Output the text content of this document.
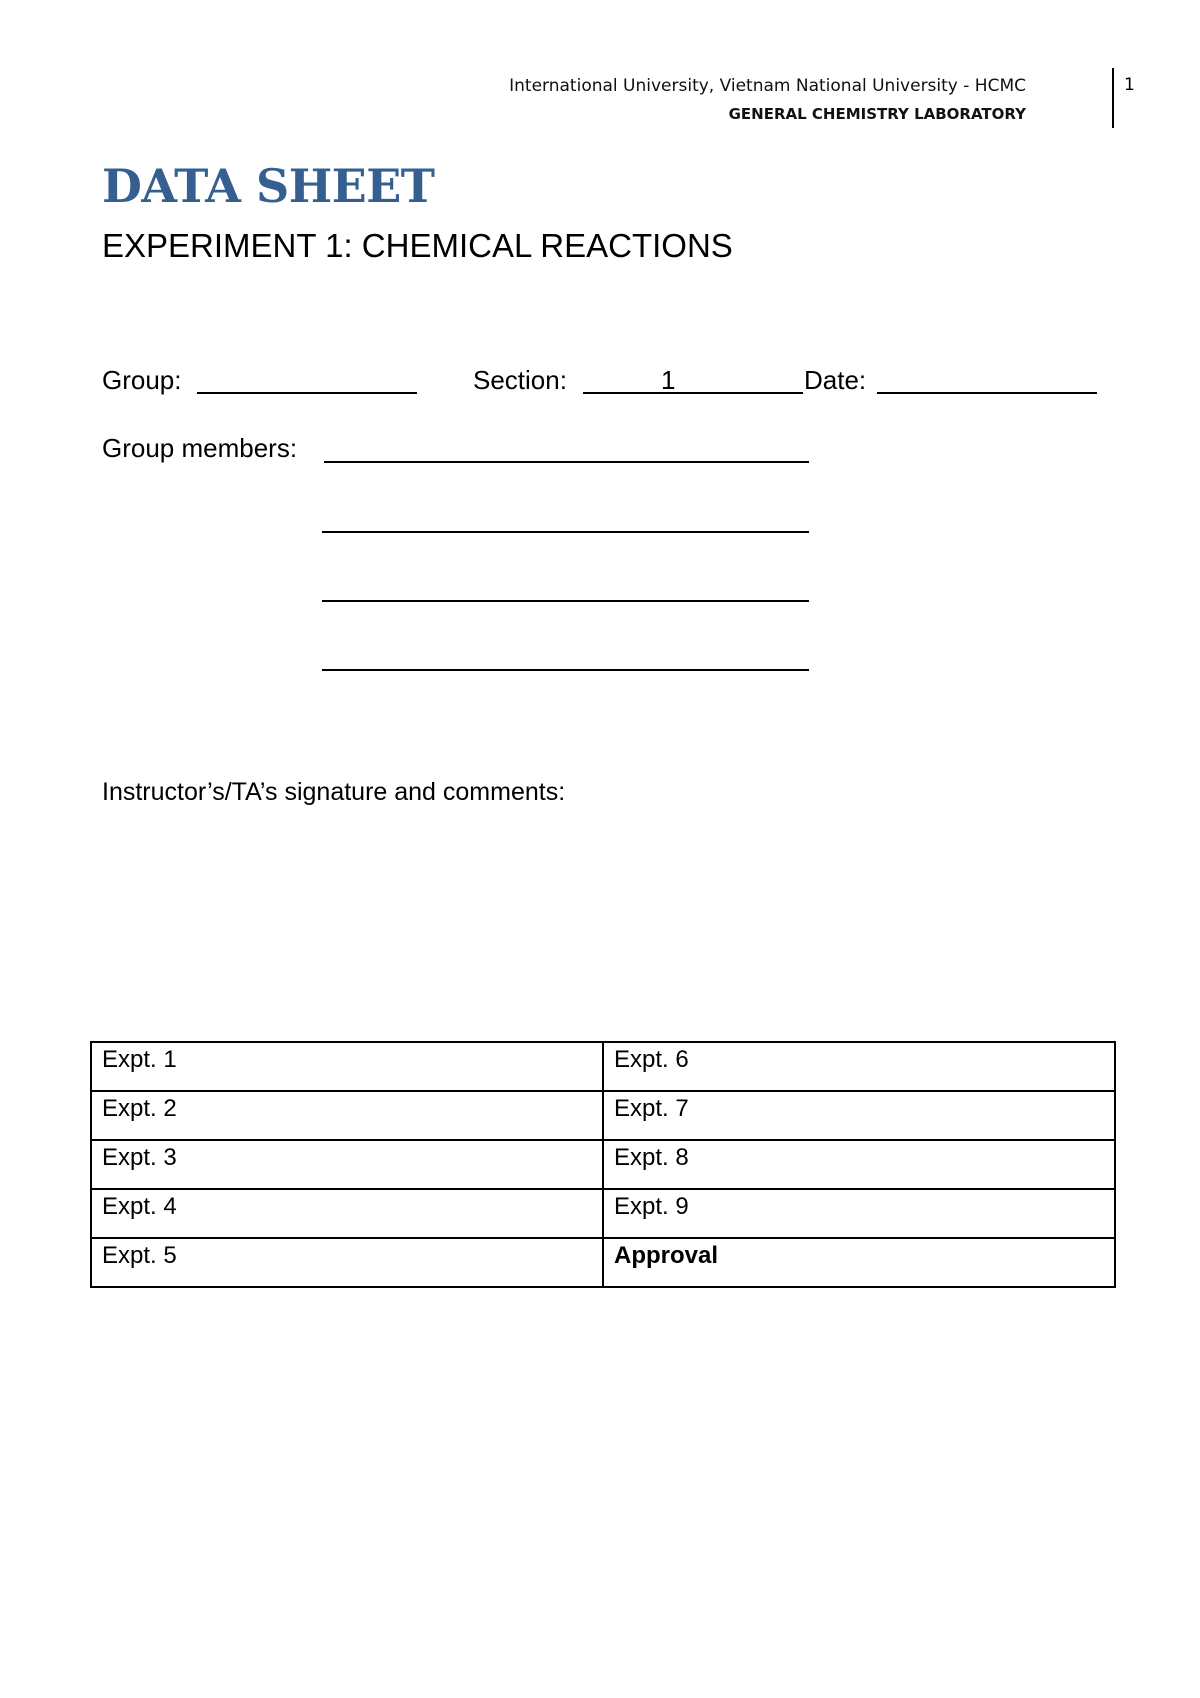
International University, Vietnam National University - HCMC
GENERAL CHEMISTRY LABORATORY
1
DATA SHEET
EXPERIMENT 1: CHEMICAL REACTIONS
Group:	Section:	1	Date:
Group members:
Instructor’s/TA’s signature and comments:
Expt. 1	Expt. 6
Expt. 2	Expt. 7
Expt. 3	Expt. 8
Expt. 4	Expt. 9
Expt. 5	Approval
